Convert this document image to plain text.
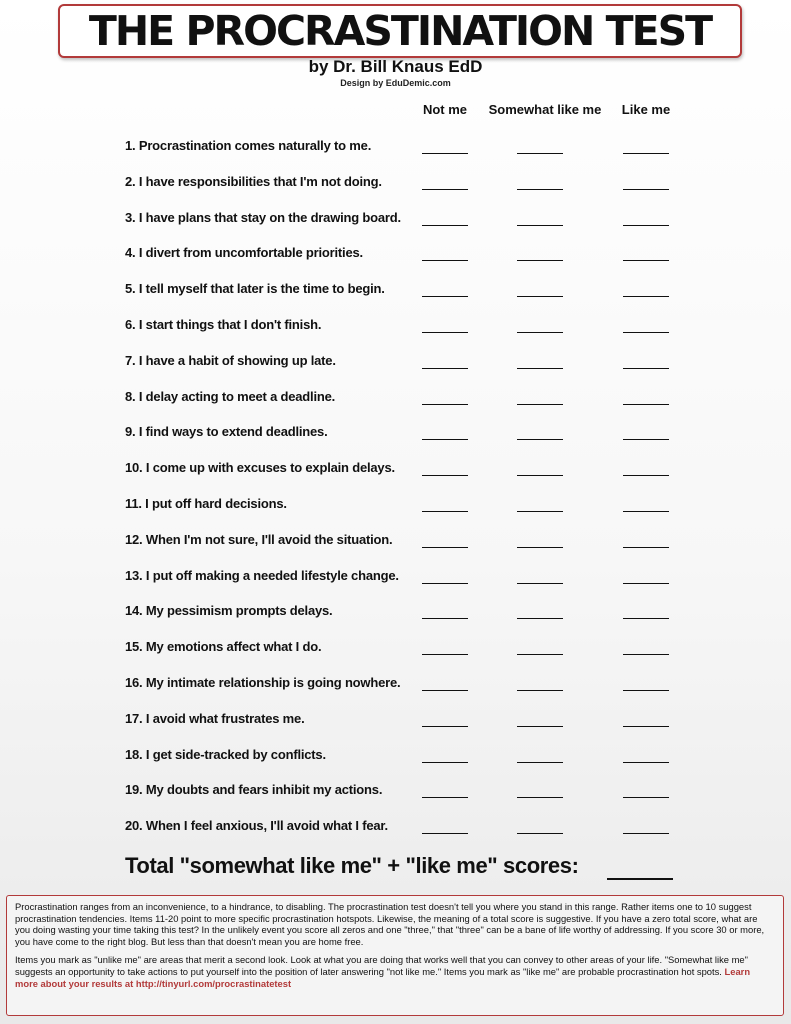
THE PROCRASTINATION TEST
by Dr. Bill Knaus EdD
Design by EduDemic.com
Not me Somewhat like me Like me
1. Procrastination comes naturally to me.
2. I have responsibilities that I'm not doing.
3. I have plans that stay on the drawing board.
4. I divert from uncomfortable priorities.
5. I tell myself that later is the time to begin.
6. I start things that I don't finish.
7. I have a habit of showing up late.
8. I delay acting to meet a deadline.
9. I find ways to extend deadlines.
10. I come up with excuses to explain delays.
11. I put off hard decisions.
12. When I'm not sure, I'll avoid the situation.
13. I put off making a needed lifestyle change.
14. My pessimism prompts delays.
15. My emotions affect what I do.
16. My intimate relationship is going nowhere.
17. I avoid what frustrates me.
18. I get side-tracked by conflicts.
19. My doubts and fears inhibit my actions.
20. When I feel anxious, I'll avoid what I fear.
Total "somewhat like me" + "like me" scores:

Procrastination ranges from an inconvenience, to a hindrance, to disabling. The procrastination test doesn't tell you where you stand in this range. Rather items one to 10 suggest procrastination tendencies. Items 11-20 point to more specific procrastination hotspots. Likewise, the meaning of a total score is suggestive. If you have a zero total score, what are you doing wasting your time taking this test? In the unlikely event you score all zeros and one "three," that "three" can be a bane of life worthy of addressing. If you score 30 or more, you have come to the right blog. But less than that doesn't mean you are home free.

Items you mark as "unlike me" are areas that merit a second look. Look at what you are doing that works well that you can convey to other areas of your life. "Somewhat like me" suggests an opportunity to take actions to put yourself into the position of later answering "not like me." Items you mark as "like me" are probable procrastination hot spots. Learn more about your results at http://tinyurl.com/procrastinatetest
